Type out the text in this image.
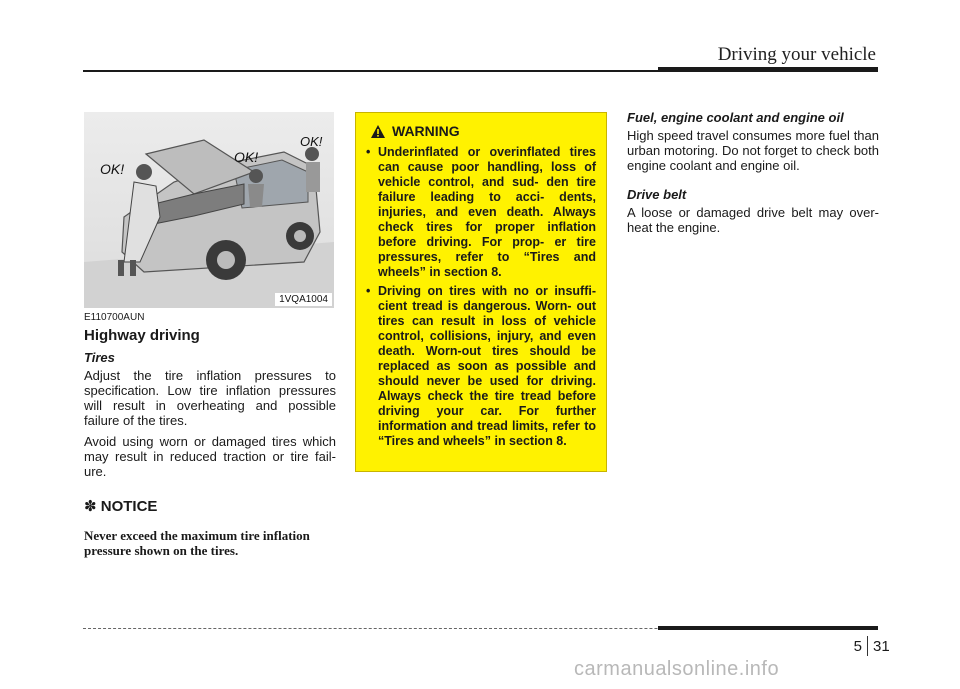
Driving your vehicle
OK!
OK!
OK!
1VQA1004

E110700AUN

Highway driving

Tires

Adjust the tire inflation pressures to specification. Low tire inflation pressures will result in overheating and possible failure of the tires.

Avoid using worn or damaged tires which may result in reduced traction or tire fail- ure.

✽ NOTICE

Never exceed the maximum tire inflation pressure shown on the tires.

WARNING
• Underinflated or overinflated tires can cause poor handling, loss of vehicle control, and sud- den tire failure leading to acci- dents, injuries, and even death. Always check tires for proper inflation before driving. For prop- er tire pressures, refer to “Tires and wheels” in section 8.
• Driving on tires with no or insuffi- cient tread is dangerous. Worn- out tires can result in loss of vehicle control, collisions, injury, and even death. Worn-out tires should be replaced as soon as possible and should never be used for driving. Always check the tire tread before driving your car. For further information and tread limits, refer to “Tires and wheels” in section 8.

Fuel, engine coolant and engine oil

High speed travel consumes more fuel than urban motoring. Do not forget to check both engine coolant and engine oil.

Drive belt

A loose or damaged drive belt may over- heat the engine.

5 31
carmanualsonline.info
